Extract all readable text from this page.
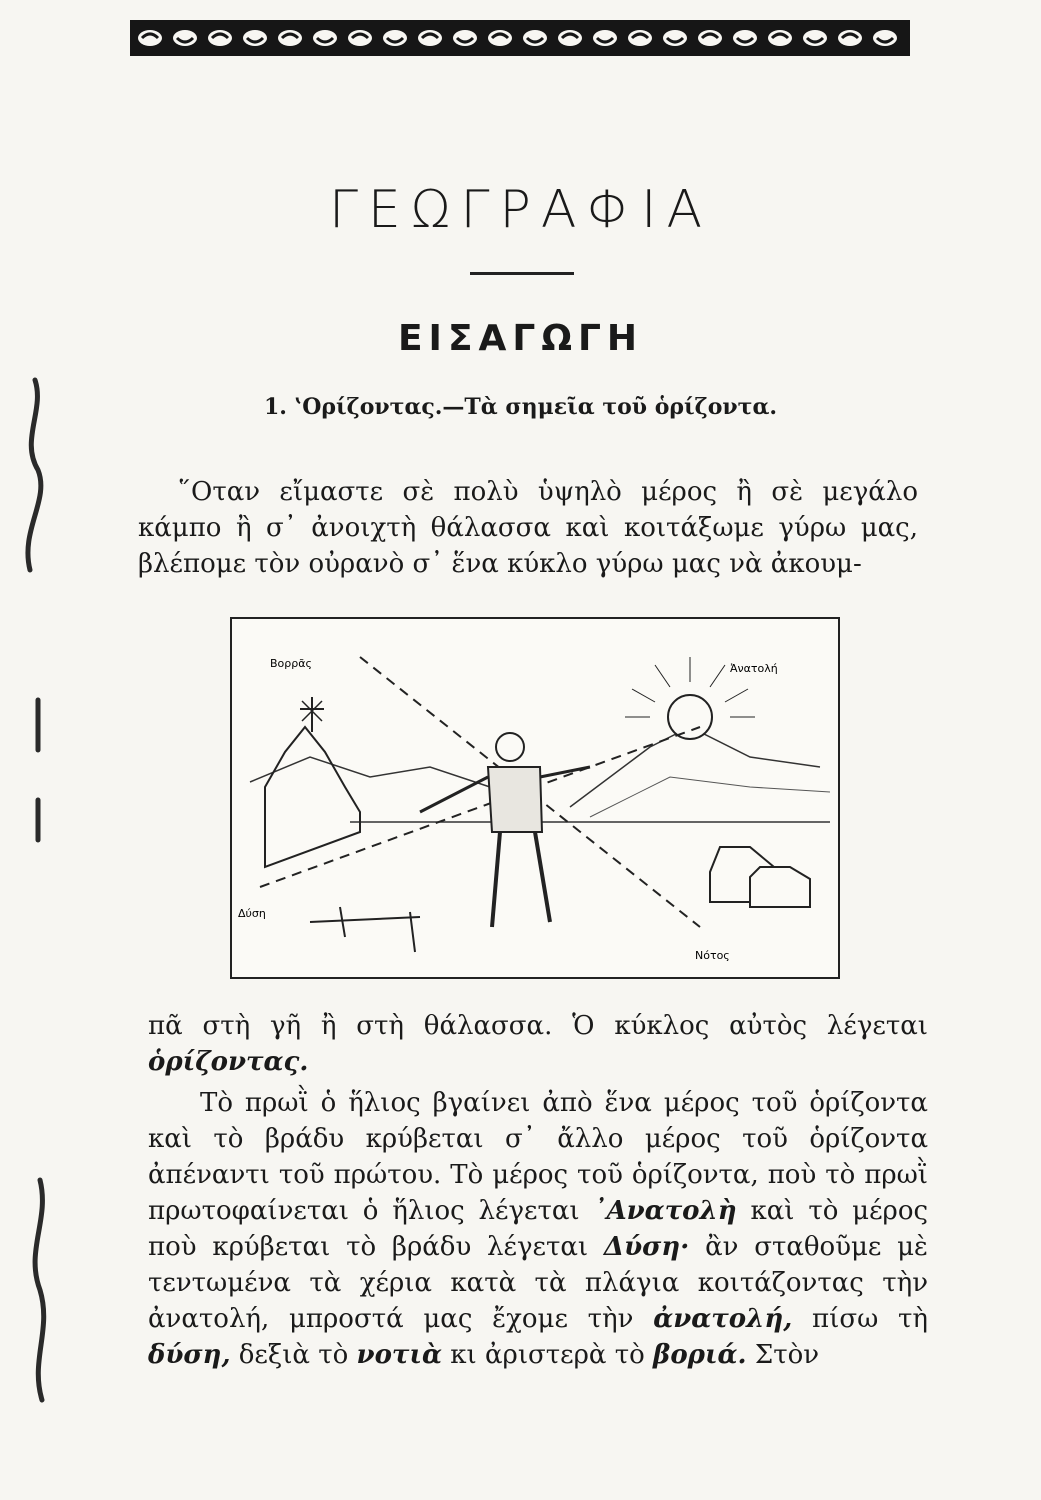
ΓΕΩΓΡΑΦΙΑ
ΕΙΣΑΓΩΓΗ
1. ‛Ορίζοντας.—Τὰ σημεῖα τοῦ ὁρίζοντα.
῞Οταν εἴμαστε σὲ πολὺ ὑψηλὸ μέρος ἢ σὲ μεγάλο κάμπο ἢ σ᾽ ἀνοιχτὴ θάλασσα καὶ κοιτάξωμε γύρω μας, βλέπομε τὸν οὐρανὸ σ᾽ ἕνα κύκλο γύρω μας νὰ ἀκουμ-
Βορρᾶς	Ἀνατολή
Δύση
Νότος
πᾶ στὴ γῆ ἢ στὴ θάλασσα. Ὁ κύκλος αὐτὸς λέγεται ὁρίζοντας.
Τὸ πρωῒ ὁ ἥλιος βγαίνει ἀπὸ ἕνα μέρος τοῦ ὁρίζοντα καὶ τὸ βράδυ κρύβεται σ᾽ ἄλλο μέρος τοῦ ὁρίζοντα ἀπέναντι τοῦ πρώτου. Τὸ μέρος τοῦ ὁρίζοντα, ποὺ τὸ πρωῒ πρωτοφαίνεται ὁ ἥλιος λέγεται ᾽Ανατολὴ καὶ τὸ μέρος ποὺ κρύβεται τὸ βράδυ λέγεται Δύση· ἂν σταθοῦμε μὲ τεντωμένα τὰ χέρια κατὰ τὰ πλάγια κοιτάζοντας τὴν ἀνατολή, μπροστά μας ἔχομε τὴν ἀνατολή, πίσω τὴ δύση, δεξιὰ τὸ νοτιὰ κι ἀριστερὰ τὸ βοριά. Στὸν
